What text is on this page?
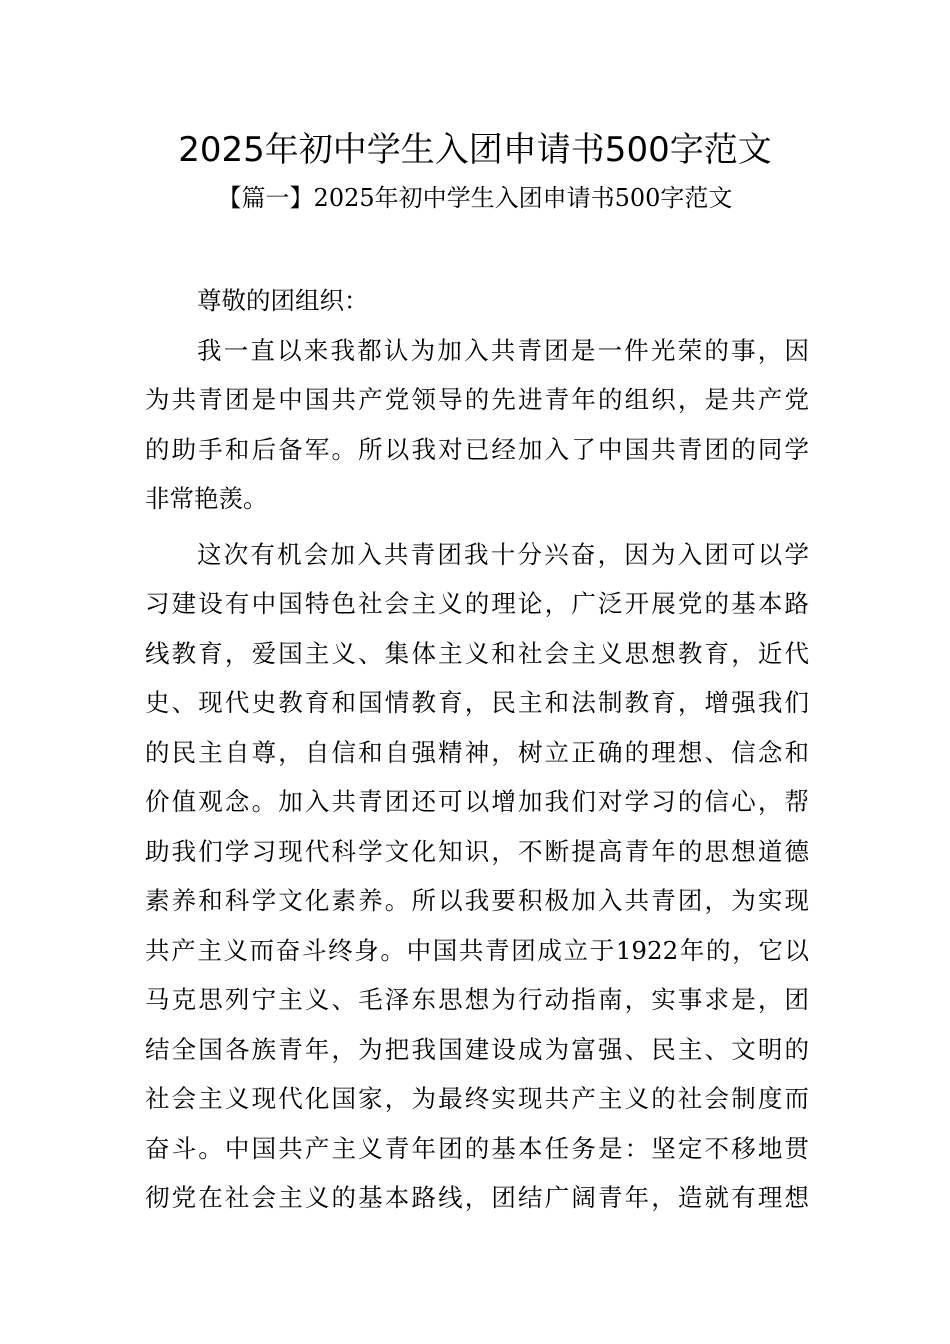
2025年初中学生入团申请书500字范文
【篇一】2025年初中学生入团申请书500字范文
尊敬的团组织：
我一直以来我都认为加入共青团是一件光荣的事，因
为共青团是中国共产党领导的先进青年的组织，是共产党
的助手和后备军。所以我对已经加入了中国共青团的同学
非常艳羡。
这次有机会加入共青团我十分兴奋，因为入团可以学
习建设有中国特色社会主义的理论，广泛开展党的基本路
线教育，爱国主义、集体主义和社会主义思想教育，近代
史、现代史教育和国情教育，民主和法制教育，增强我们
的民主自尊，自信和自强精神，树立正确的理想、信念和
价值观念。加入共青团还可以增加我们对学习的信心，帮
助我们学习现代科学文化知识，不断提高青年的思想道德
素养和科学文化素养。所以我要积极加入共青团，为实现
共产主义而奋斗终身。中国共青团成立于1922年的，它以
马克思列宁主义、毛泽东思想为行动指南，实事求是，团
结全国各族青年，为把我国建设成为富强、民主、文明的
社会主义现代化国家，为最终实现共产主义的社会制度而
奋斗。中国共产主义青年团的基本任务是：坚定不移地贯
彻党在社会主义的基本路线，团结广阔青年，造就有理想
